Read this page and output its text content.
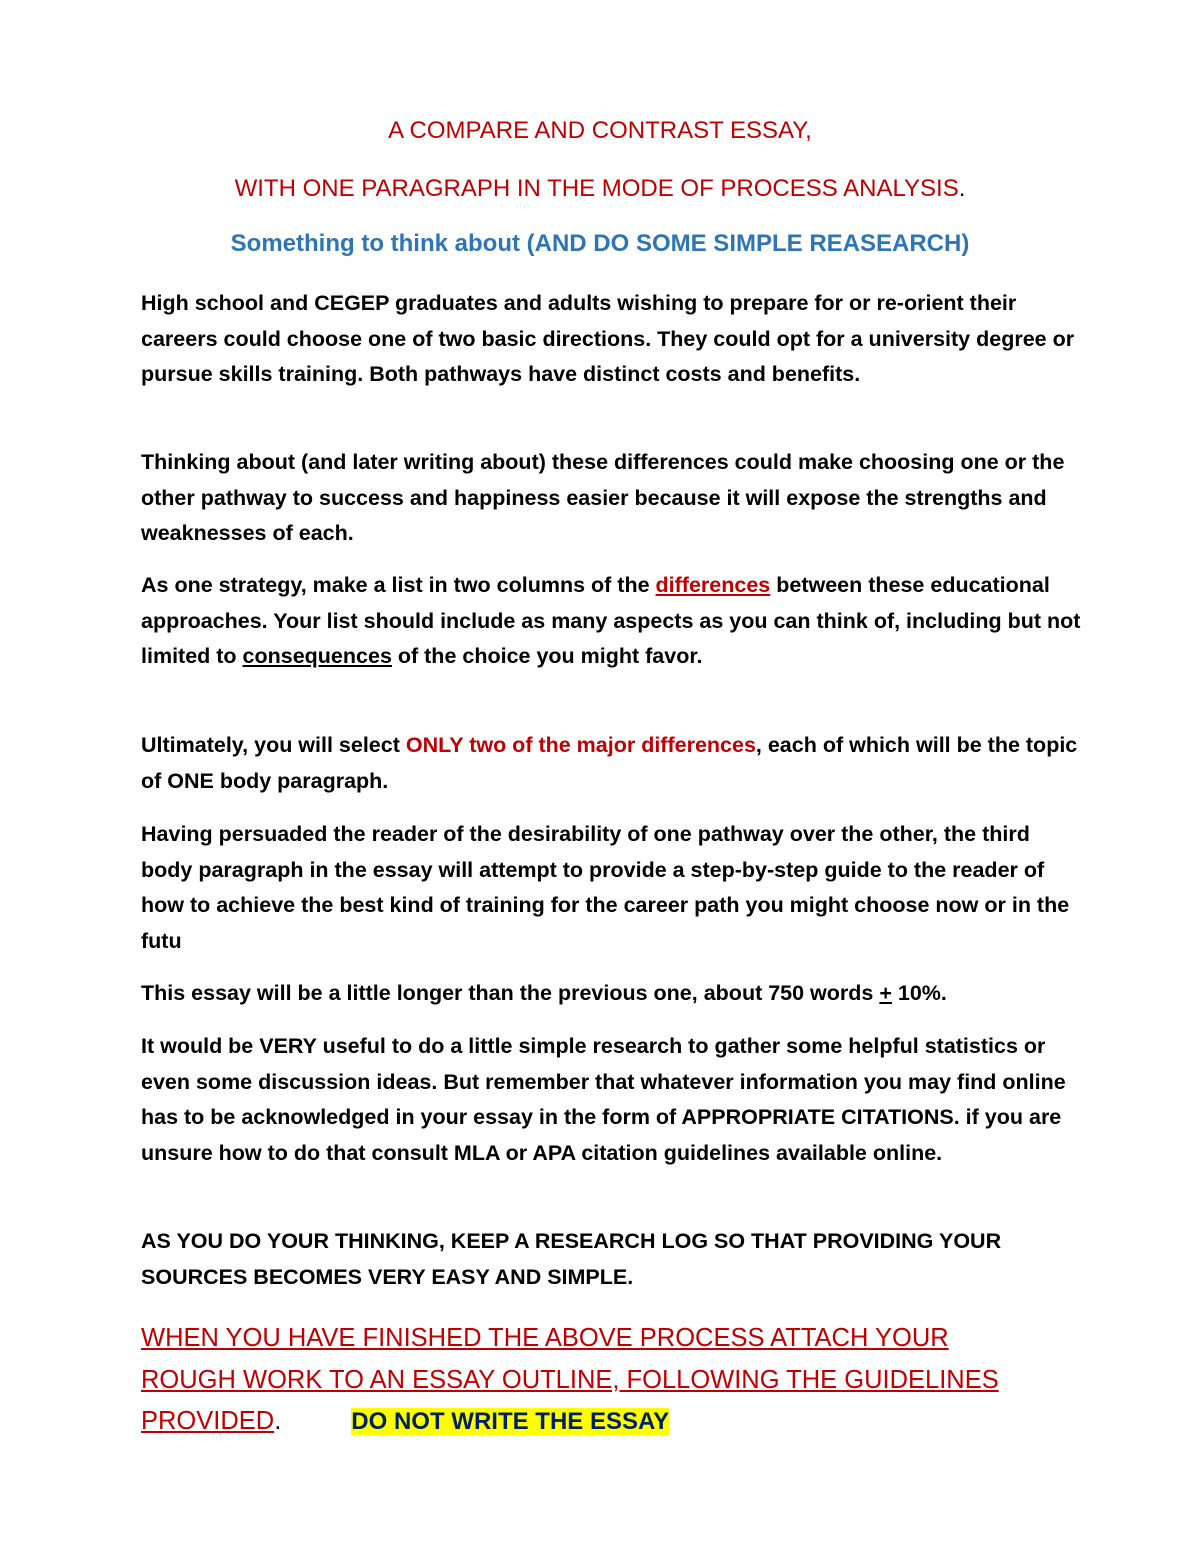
A COMPARE AND CONTRAST ESSAY,
WITH ONE PARAGRAPH IN THE MODE OF PROCESS ANALYSIS.
Something to think about (AND DO SOME SIMPLE REASEARCH)

High school and CEGEP graduates and adults wishing to prepare for or re-orient their careers could choose one of two basic directions. They could opt for a university degree or pursue skills training. Both pathways have distinct costs and benefits.

Thinking about (and later writing about) these differences could make choosing one or the other pathway to success and happiness easier because it will expose the strengths and weaknesses of each.

As one strategy, make a list in two columns of the differences between these educational approaches. Your list should include as many aspects as you can think of, including but not limited to consequences of the choice you might favor.

Ultimately, you will select ONLY two of the major differences, each of which will be the topic of ONE body paragraph.

Having persuaded the reader of the desirability of one pathway over the other, the third body paragraph in the essay will attempt to provide a step-by-step guide to the reader of how to achieve the best kind of training for the career path you might choose now or in the futu

This essay will be a little longer than the previous one, about 750 words + 10%.

It would be VERY useful to do a little simple research to gather some helpful statistics or even some discussion ideas. But remember that whatever information you may find online has to be acknowledged in your essay in the form of APPROPRIATE CITATIONS. if you are unsure how to do that consult MLA or APA citation guidelines available online.

AS YOU DO YOUR THINKING, KEEP A RESEARCH LOG SO THAT PROVIDING YOUR SOURCES BECOMES VERY EASY AND SIMPLE.

WHEN YOU HAVE FINISHED THE ABOVE PROCESS ATTACH YOUR
ROUGH WORK TO AN ESSAY OUTLINE, FOLLOWING THE GUIDELINES
PROVIDED.	DO NOT WRITE THE ESSAY
